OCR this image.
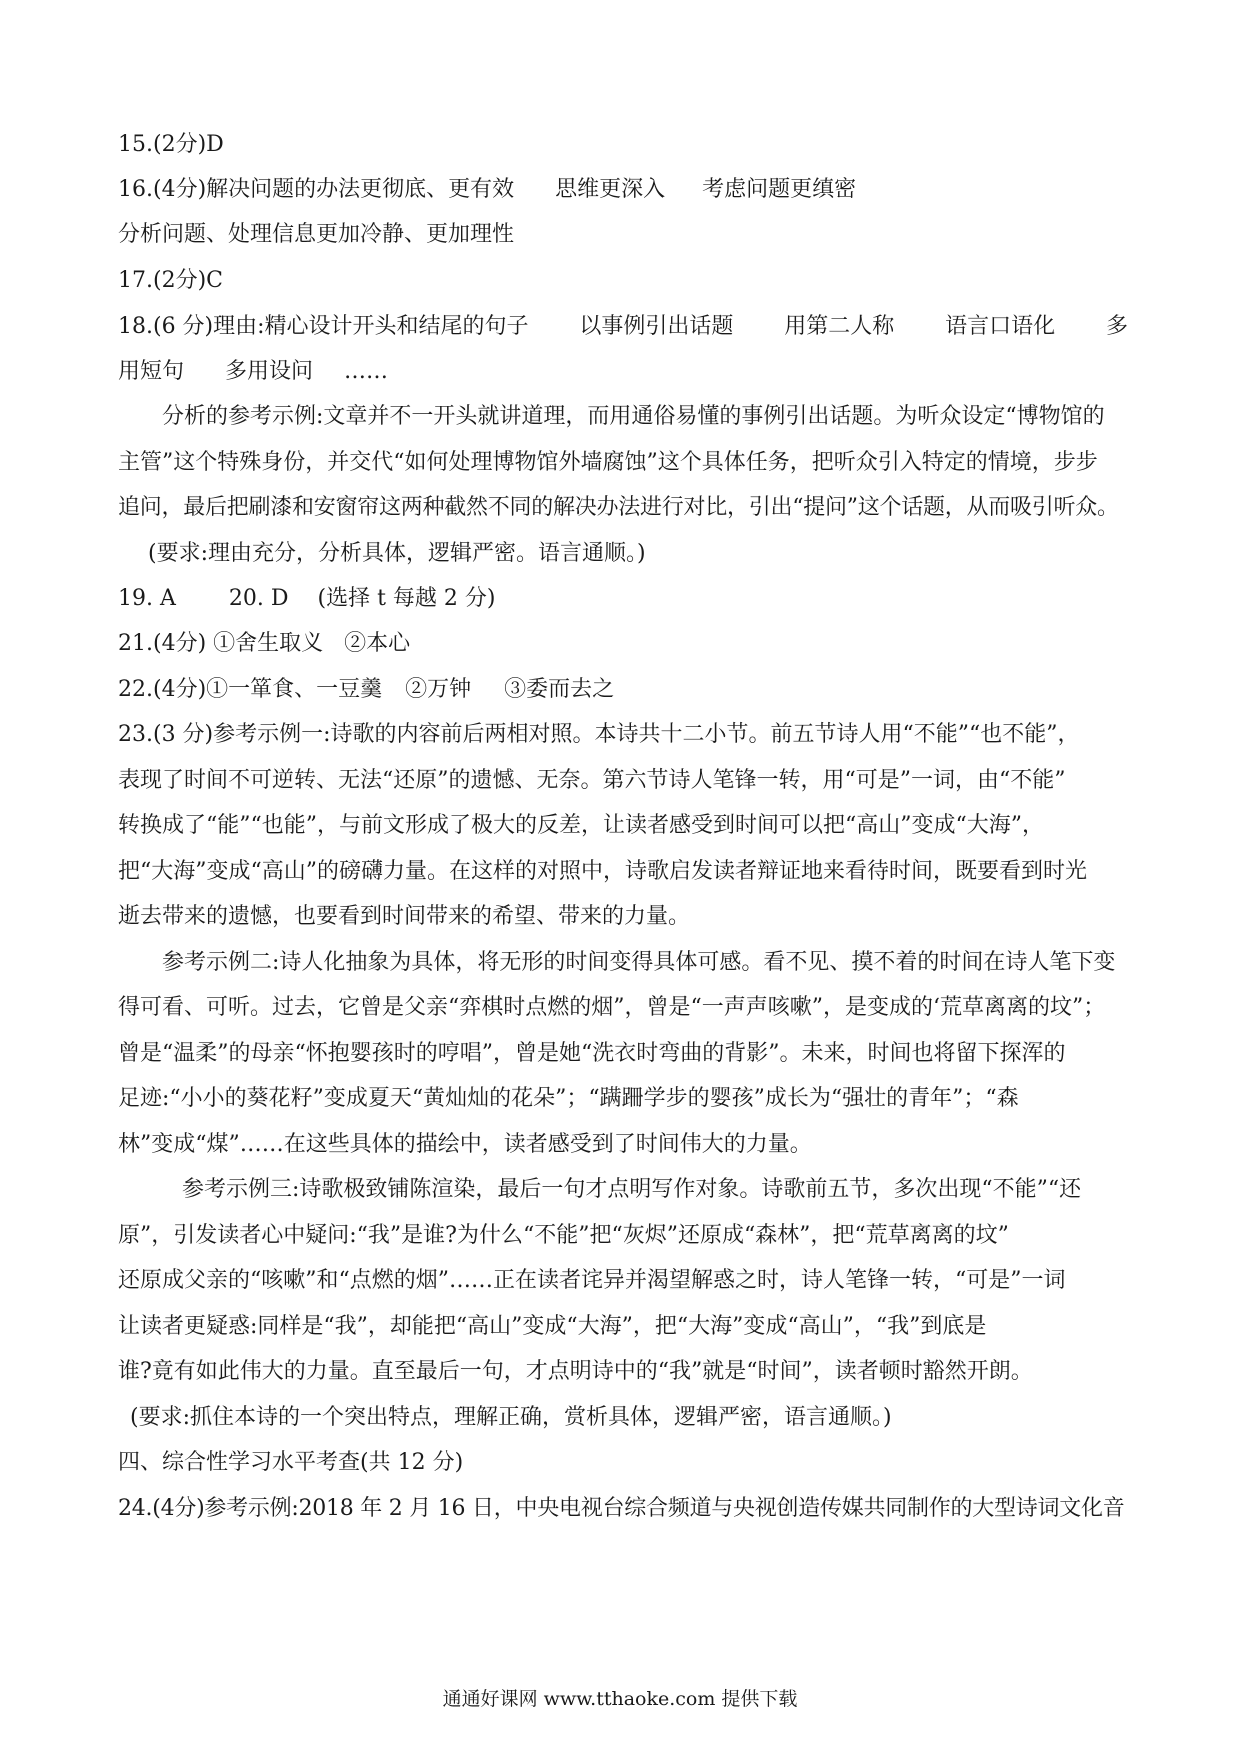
15.(2分)D
16.(4分)解决问题的办法更彻底、更有效 思维更深入 考虑问题更缜密
分析问题、处理信息更加冷静、更加理性
17.(2分)C
18.(6 分)理由:精心设计开头和结尾的句子 以事例引出话题 用第二人称 语言口语化 多
用短句 多用设问 ……
分析的参考示例:文章并不一开头就讲道理，而用通俗易懂的事例引出话题。为听众设定“博物馆的
主管”这个特殊身份，并交代“如何处理博物馆外墙腐蚀”这个具体任务，把听众引入特定的情境，步步
追问，最后把刷漆和安窗帘这两种截然不同的解决办法进行对比，引出“提问”这个话题，从而吸引听众。
(要求:理由充分，分析具体，逻辑严密。语言通顺。)
19. A 20. D (选择 t 每越 2 分)
21.(4分) ①舍生取义 ②本心
22.(4分)①一箪食、一豆羹 ②万钟 ③委而去之
23.(3 分)参考示例一:诗歌的内容前后两相对照。本诗共十二小节。前五节诗人用“不能”“也不能”，
表现了时间不可逆转、无法“还原”的遗憾、无奈。第六节诗人笔锋一转，用“可是”一词，由“不能”
转换成了“能”“也能”，与前文形成了极大的反差，让读者感受到时间可以把“高山”变成“大海”，
把“大海”变成“高山”的磅礴力量。在这样的对照中，诗歌启发读者辩证地来看待时间，既要看到时光
逝去带来的遗憾，也要看到时间带来的希望、带来的力量。
参考示例二:诗人化抽象为具体，将无形的时间变得具体可感。看不见、摸不着的时间在诗人笔下变
得可看、可听。过去，它曾是父亲“弈棋时点燃的烟”，曾是“一声声咳嗽”，是变成的‘荒草离离的坟”；
曾是“温柔”的母亲“怀抱婴孩时的哼唱”，曾是她“洗衣时弯曲的背影”。未来，时间也将留下探浑的
足迹:“小小的葵花籽”变成夏天“黄灿灿的花朵”；“蹒跚学步的婴孩”成长为“强壮的青年”；“森
林”变成“煤”……在这些具体的描绘中，读者感受到了时间伟大的力量。
参考示例三:诗歌极致铺陈渲染，最后一句才点明写作对象。诗歌前五节，多次出现“不能”“还
原”，引发读者心中疑问:“我”是谁?为什么“不能”把“灰烬”还原成“森林”，把“荒草离离的坟”
还原成父亲的“咳嗽”和“点燃的烟”……正在读者诧异并渴望解惑之时，诗人笔锋一转，“可是”一词
让读者更疑惑:同样是“我”，却能把“高山”变成“大海”，把“大海”变成“高山”，“我”到底是
谁?竟有如此伟大的力量。直至最后一句，才点明诗中的“我”就是“时间”，读者顿时豁然开朗。
(要求:抓住本诗的一个突出特点，理解正确，赏析具体，逻辑严密，语言通顺。)
四、综合性学习水平考查(共 12 分)
24.(4分)参考示例:2018 年 2 月 16 日，中央电视台综合频道与央视创造传媒共同制作的大型诗词文化音
通通好课网 www.tthaoke.com 提供下载
